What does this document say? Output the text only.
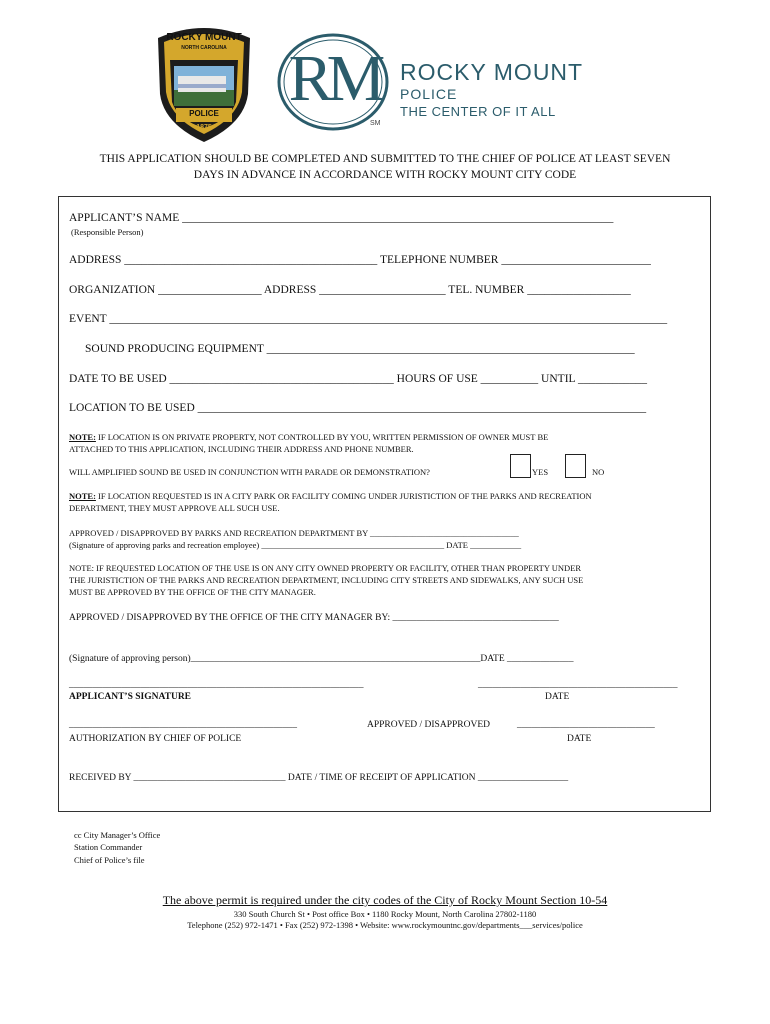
ROCKY MOUNT
NORTH CAROLINA
POLICE
1875
RM
SM
ROCKY MOUNT
POLICE
THE CENTER OF IT ALL
THIS APPLICATION SHOULD BE COMPLETED AND SUBMITTED TO THE CHIEF OF POLICE AT LEAST SEVEN
DAYS IN ADVANCE IN ACCORDANCE WITH ROCKY MOUNT CITY CODE
APPLICANT’S NAME ___________________________________________________________________________
(Responsible Person)
ADDRESS ____________________________________________ TELEPHONE NUMBER __________________________
ORGANIZATION __________________ ADDRESS ______________________ TEL. NUMBER __________________
EVENT _________________________________________________________________________________________________
SOUND PRODUCING EQUIPMENT ________________________________________________________________
DATE TO BE USED _______________________________________ HOURS OF USE __________ UNTIL ____________
LOCATION TO BE USED ______________________________________________________________________________
NOTE: IF LOCATION IS ON PRIVATE PROPERTY, NOT CONTROLLED BY YOU, WRITTEN PERMISSION OF OWNER MUST BE
ATTACHED TO THIS APPLICATION, INCLUDING THEIR ADDRESS AND PHONE NUMBER.
WILL AMPLIFIED SOUND BE USED IN CONJUNCTION WITH PARADE OR DEMONSTRATION?	YES	NO
NOTE: IF LOCATION REQUESTED IS IN A CITY PARK OR FACILITY COMING UNDER JURISTICTION OF THE PARKS AND RECREATION
DEPARTMENT, THEY MUST APPROVE ALL SUCH USE.
APPROVED / DISAPPROVED BY PARKS AND RECREATION DEPARTMENT BY ___________________________________
(Signature of approving parks and recreation employee) ___________________________________________ DATE ____________
NOTE: IF REQUESTED LOCATION OF THE USE IS ON ANY CITY OWNED PROPERTY OR FACILITY, OTHER THAN PROPERTY UNDER
THE JURISTICTION OF THE PARKS AND RECREATION DEPARTMENT, INCLUDING CITY STREETS AND SIDEWALKS, ANY SUCH USE
MUST BE APPROVED BY THE OFFICE OF THE CITY MANAGER.
APPROVED / DISAPPROVED BY THE OFFICE OF THE CITY MANAGER BY: ___________________________________
(Signature of approving person)_____________________________________________________________DATE ______________
______________________________________________________________	__________________________________________
APPLICANT’S SIGNATURE	DATE
________________________________________________	APPROVED / DISAPPROVED	_____________________________
AUTHORIZATION BY CHIEF OF POLICE	DATE
RECEIVED BY ________________________________ DATE / TIME OF RECEIPT OF APPLICATION ___________________
cc City Manager’s Office
Station Commander
Chief of Police’s file
The above permit is required under the city codes of the City of Rocky Mount Section 10-54
330 South Church St • Post office Box • 1180 Rocky Mount, North Carolina 27802-1180
Telephone (252) 972-1471 • Fax (252) 972-1398 • Website: www.rockymountnc.gov/departments___services/police
